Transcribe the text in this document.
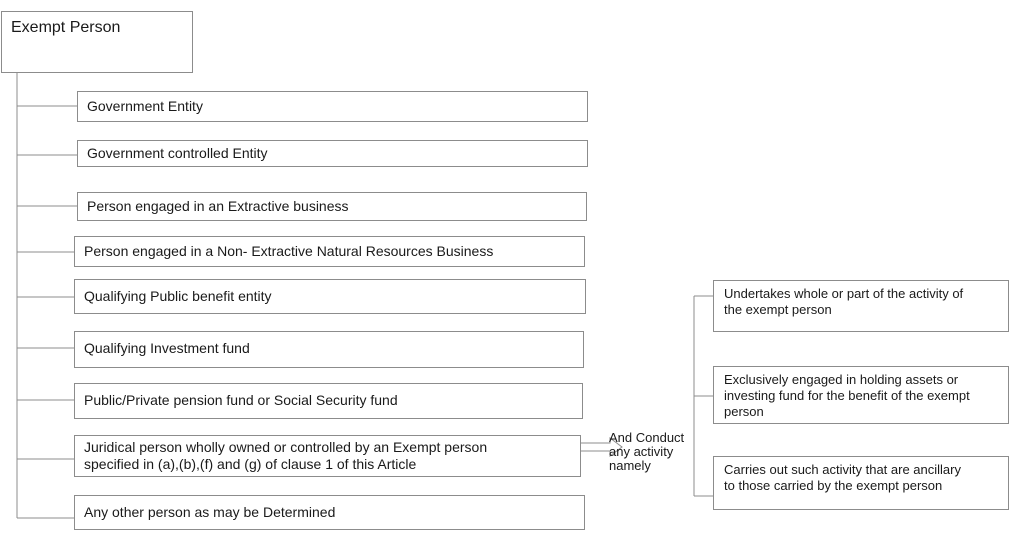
Exempt Person
Government Entity
Government controlled Entity
Person engaged in an Extractive business
Person engaged in a Non- Extractive Natural Resources Business
Qualifying Public benefit entity
Qualifying Investment fund
Public/Private pension fund or Social Security fund
Juridical person wholly owned or controlled by an Exempt person
specified in (a),(b),(f) and (g) of clause 1 of this Article
Any other person as may be Determined
And Conduct
any activity
namely
Undertakes whole or part of the activity of
the exempt person
Exclusively engaged in holding assets or
investing fund for the benefit of the exempt
person
Carries out such activity that are ancillary
to those carried by the exempt person
